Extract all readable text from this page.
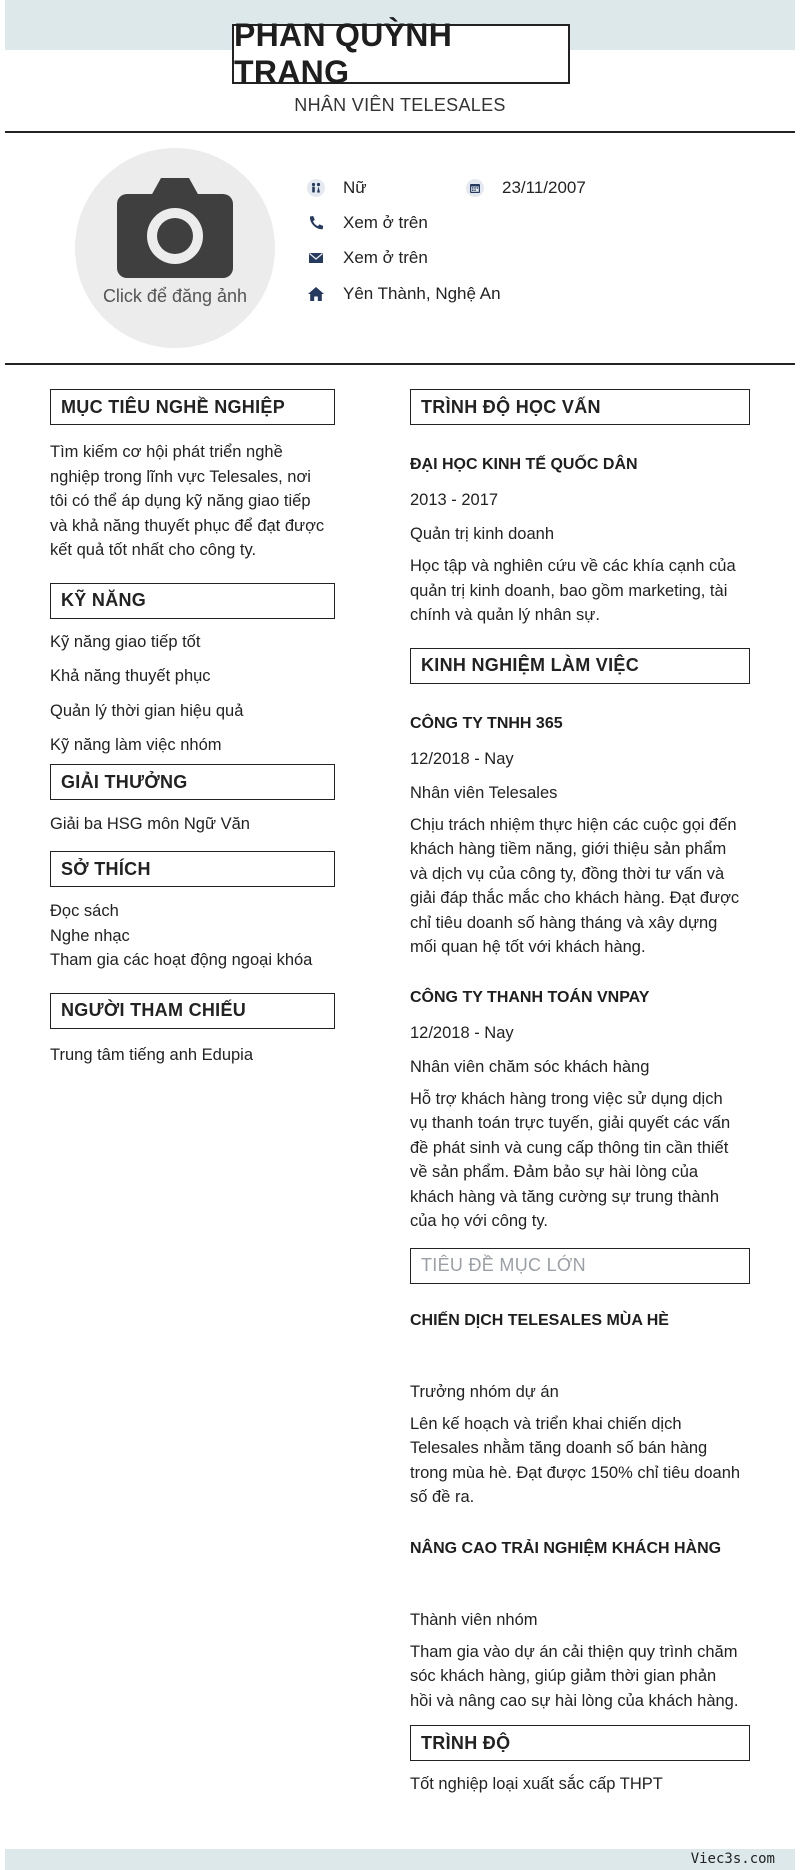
PHAN QUỲNH TRANG
NHÂN VIÊN TELESALES
Click để đăng ảnh
Nữ	23/11/2007
Xem ở trên
Xem ở trên
Yên Thành, Nghệ An
MỤC TIÊU NGHỀ NGHIỆP
Tìm kiếm cơ hội phát triển nghề
nghiệp trong lĩnh vực Telesales, nơi
tôi có thể áp dụng kỹ năng giao tiếp
và khả năng thuyết phục để đạt được
kết quả tốt nhất cho công ty.
KỸ NĂNG
Kỹ năng giao tiếp tốt
Khả năng thuyết phục
Quản lý thời gian hiệu quả
Kỹ năng làm việc nhóm
GIẢI THƯỞNG
Giải ba HSG môn Ngữ Văn
SỞ THÍCH
Đọc sách
Nghe nhạc
Tham gia các hoạt động ngoại khóa
NGƯỜI THAM CHIẾU
Trung tâm tiếng anh Edupia
TRÌNH ĐỘ HỌC VẤN
ĐẠI HỌC KINH TẾ QUỐC DÂN
2013 - 2017
Quản trị kinh doanh
Học tập và nghiên cứu về các khía cạnh của
quản trị kinh doanh, bao gồm marketing, tài
chính và quản lý nhân sự.
KINH NGHIỆM LÀM VIỆC
CÔNG TY TNHH 365
12/2018 - Nay
Nhân viên Telesales
Chịu trách nhiệm thực hiện các cuộc gọi đến
khách hàng tiềm năng, giới thiệu sản phẩm
và dịch vụ của công ty, đồng thời tư vấn và
giải đáp thắc mắc cho khách hàng. Đạt được
chỉ tiêu doanh số hàng tháng và xây dựng
mối quan hệ tốt với khách hàng.
CÔNG TY THANH TOÁN VNPAY
12/2018 - Nay
Nhân viên chăm sóc khách hàng
Hỗ trợ khách hàng trong việc sử dụng dịch
vụ thanh toán trực tuyến, giải quyết các vấn
đề phát sinh và cung cấp thông tin cần thiết
về sản phẩm. Đảm bảo sự hài lòng của
khách hàng và tăng cường sự trung thành
của họ với công ty.
TIÊU ĐỀ MỤC LỚN
CHIẾN DỊCH TELESALES MÙA HÈ
Trưởng nhóm dự án
Lên kế hoạch và triển khai chiến dịch
Telesales nhằm tăng doanh số bán hàng
trong mùa hè. Đạt được 150% chỉ tiêu doanh
số đề ra.
NÂNG CAO TRẢI NGHIỆM KHÁCH HÀNG
Thành viên nhóm
Tham gia vào dự án cải thiện quy trình chăm
sóc khách hàng, giúp giảm thời gian phản
hồi và nâng cao sự hài lòng của khách hàng.
TRÌNH ĐỘ
Tốt nghiệp loại xuất sắc cấp THPT
Viec3s.com
